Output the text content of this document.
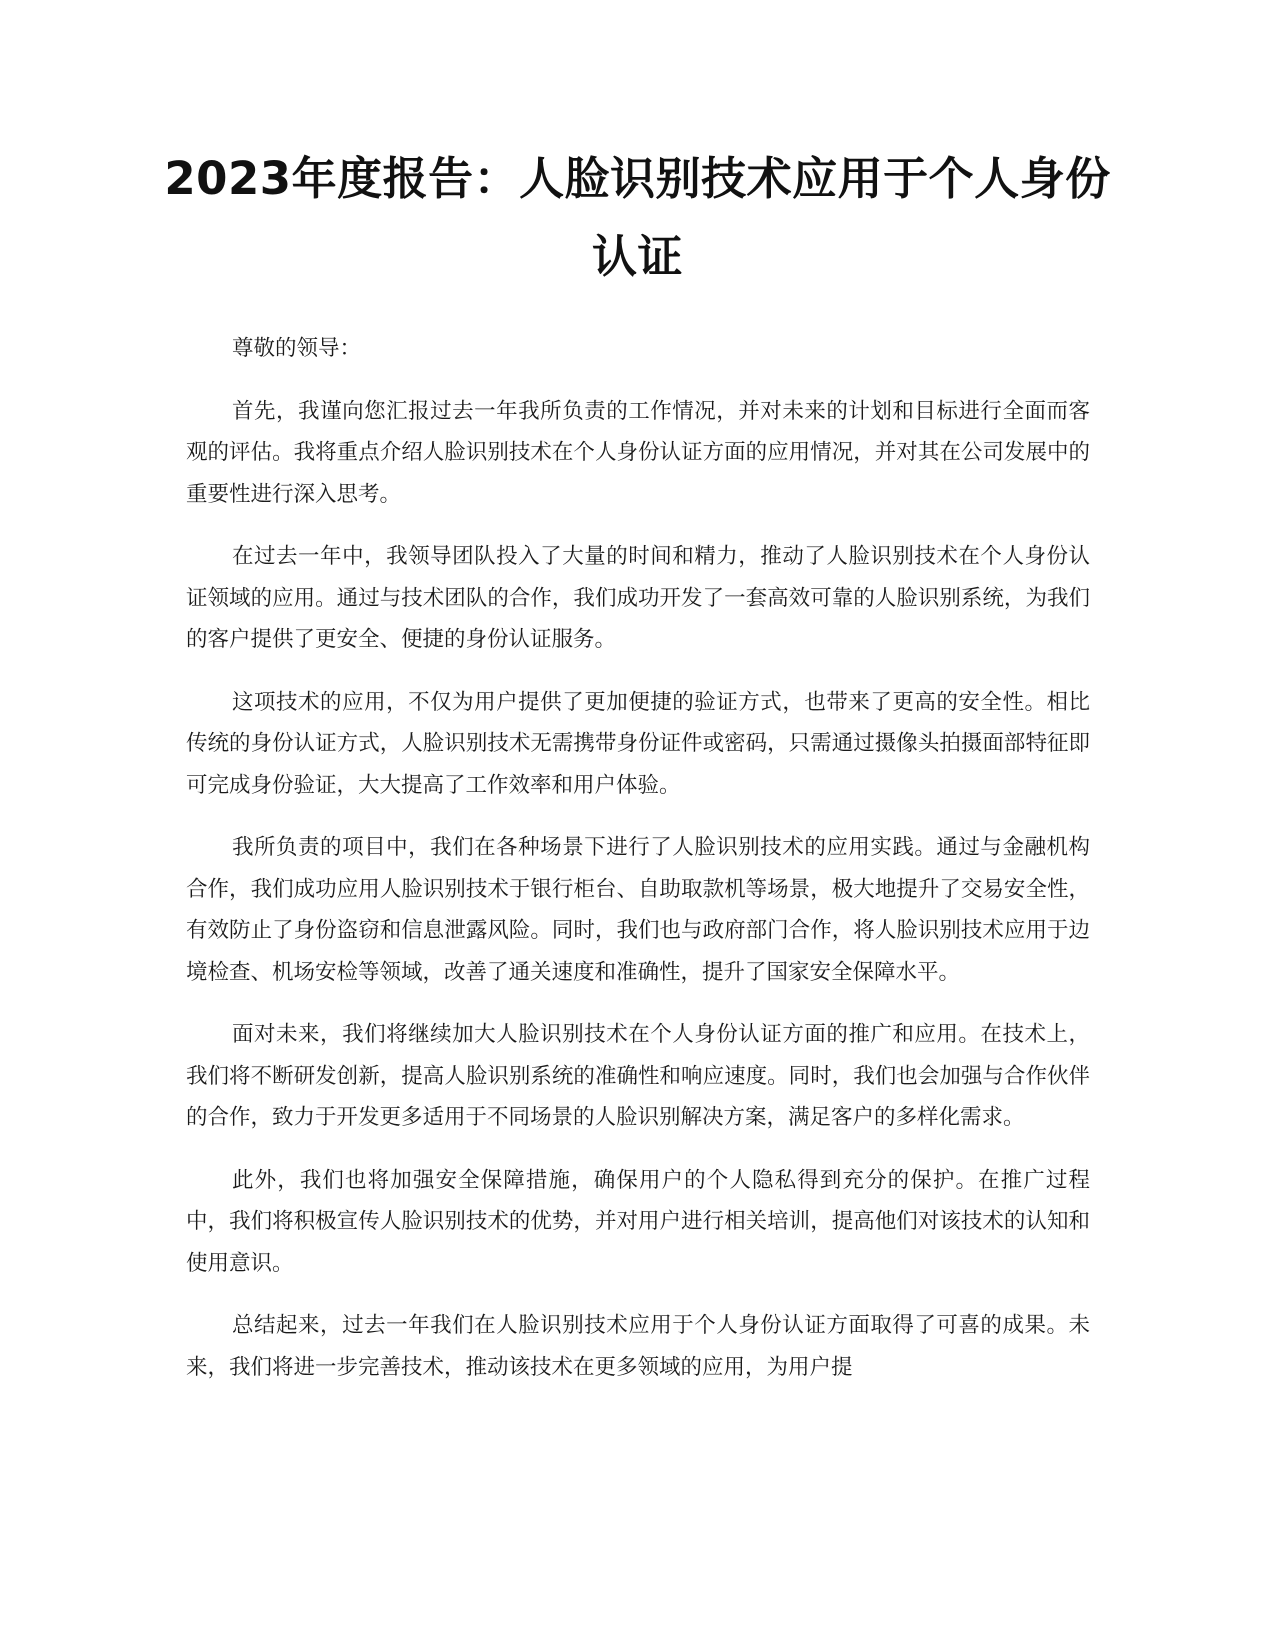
2023年度报告：人脸识别技术应用于个人身份认证

尊敬的领导：

首先，我谨向您汇报过去一年我所负责的工作情况，并对未来的计划和目标进行全面而客观的评估。我将重点介绍人脸识别技术在个人身份认证方面的应用情况，并对其在公司发展中的重要性进行深入思考。

在过去一年中，我领导团队投入了大量的时间和精力，推动了人脸识别技术在个人身份认证领域的应用。通过与技术团队的合作，我们成功开发了一套高效可靠的人脸识别系统，为我们的客户提供了更安全、便捷的身份认证服务。

这项技术的应用，不仅为用户提供了更加便捷的验证方式，也带来了更高的安全性。相比传统的身份认证方式，人脸识别技术无需携带身份证件或密码，只需通过摄像头拍摄面部特征即可完成身份验证，大大提高了工作效率和用户体验。

我所负责的项目中，我们在各种场景下进行了人脸识别技术的应用实践。通过与金融机构合作，我们成功应用人脸识别技术于银行柜台、自助取款机等场景，极大地提升了交易安全性，有效防止了身份盗窃和信息泄露风险。同时，我们也与政府部门合作，将人脸识别技术应用于边境检查、机场安检等领域，改善了通关速度和准确性，提升了国家安全保障水平。

面对未来，我们将继续加大人脸识别技术在个人身份认证方面的推广和应用。在技术上，我们将不断研发创新，提高人脸识别系统的准确性和响应速度。同时，我们也会加强与合作伙伴的合作，致力于开发更多适用于不同场景的人脸识别解决方案，满足客户的多样化需求。

此外，我们也将加强安全保障措施，确保用户的个人隐私得到充分的保护。在推广过程中，我们将积极宣传人脸识别技术的优势，并对用户进行相关培训，提高他们对该技术的认知和使用意识。

总结起来，过去一年我们在人脸识别技术应用于个人身份认证方面取得了可喜的成果。未来，我们将进一步完善技术，推动该技术在更多领域的应用，为用户提
